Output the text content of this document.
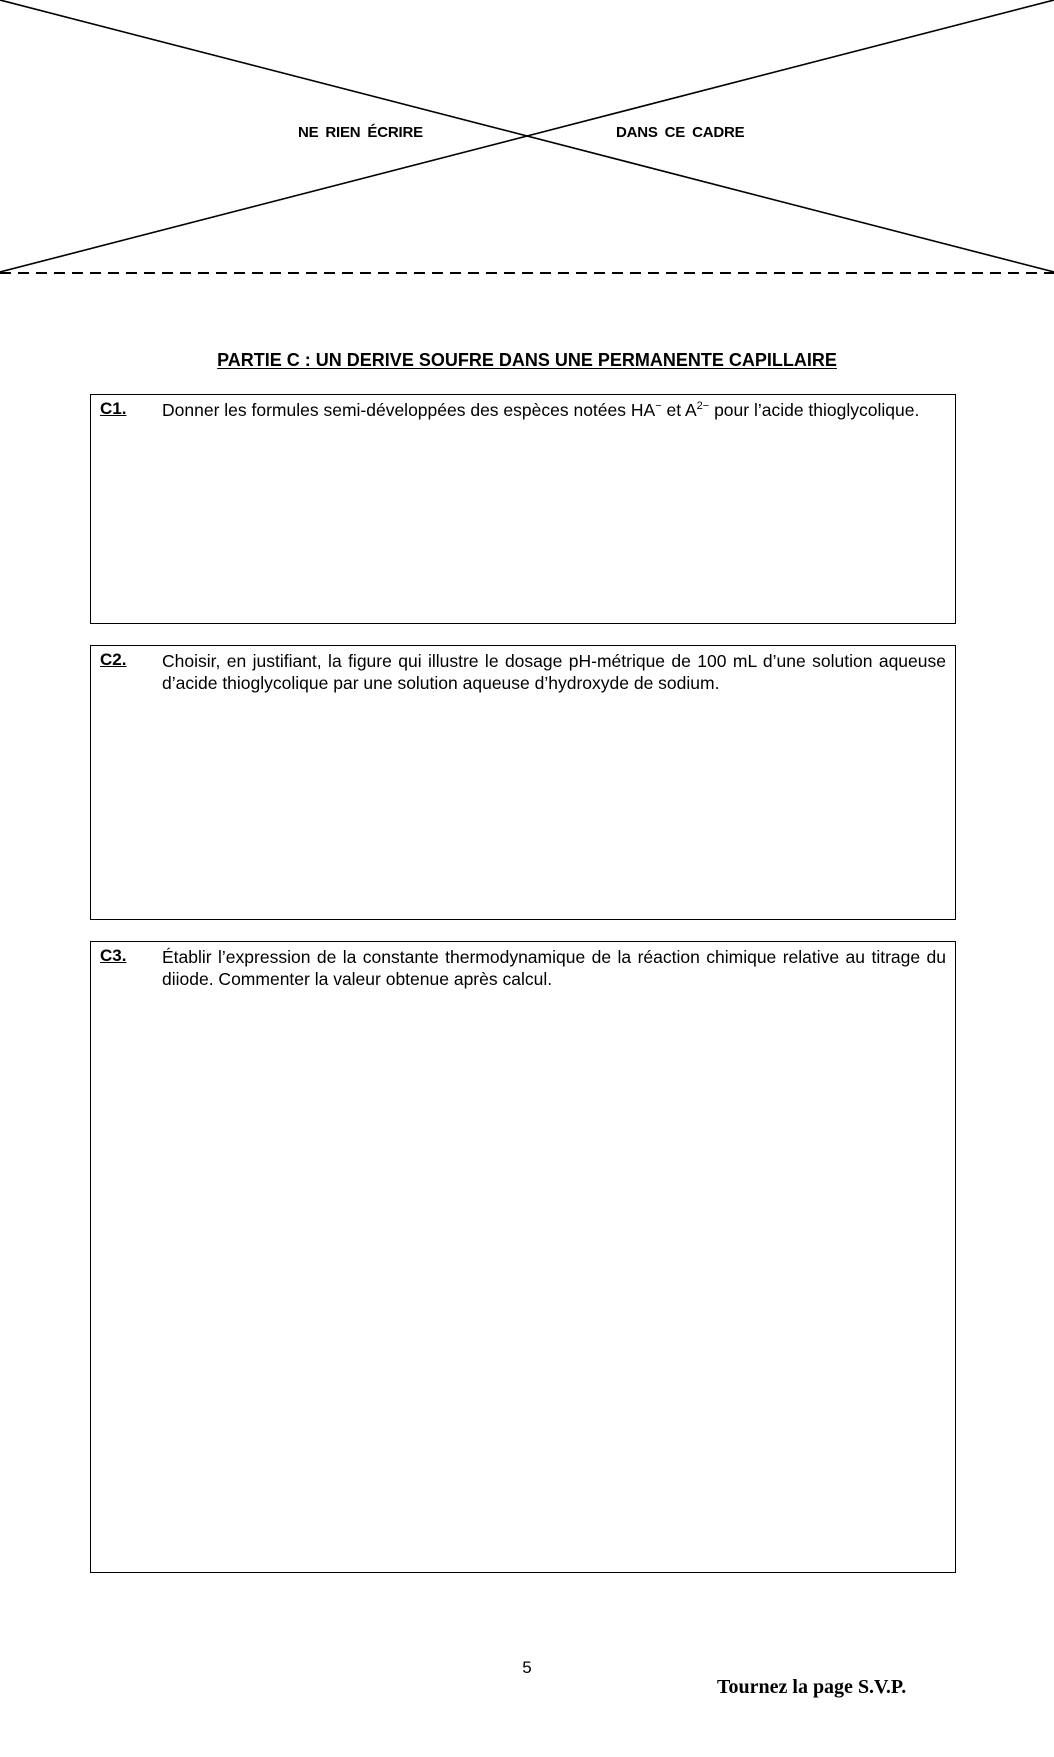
NE RIEN ÉCRIRE	DANS CE CADRE
PARTIE C : UN DERIVE SOUFRE DANS UNE PERMANENTE CAPILLAIRE
C1. Donner les formules semi-développées des espèces notées HA− et $A^{2-}$ pour l’acide thioglycolique.
C2. Choisir, en justifiant, la figure qui illustre le dosage pH-métrique de 100 mL d’une solution aqueuse d’acide thioglycolique par une solution aqueuse d’hydroxyde de sodium.
C3. Établir l’expression de la constante thermodynamique de la réaction chimique relative au titrage du diiode. Commenter la valeur obtenue après calcul.
5
Tournez la page S.V.P.
